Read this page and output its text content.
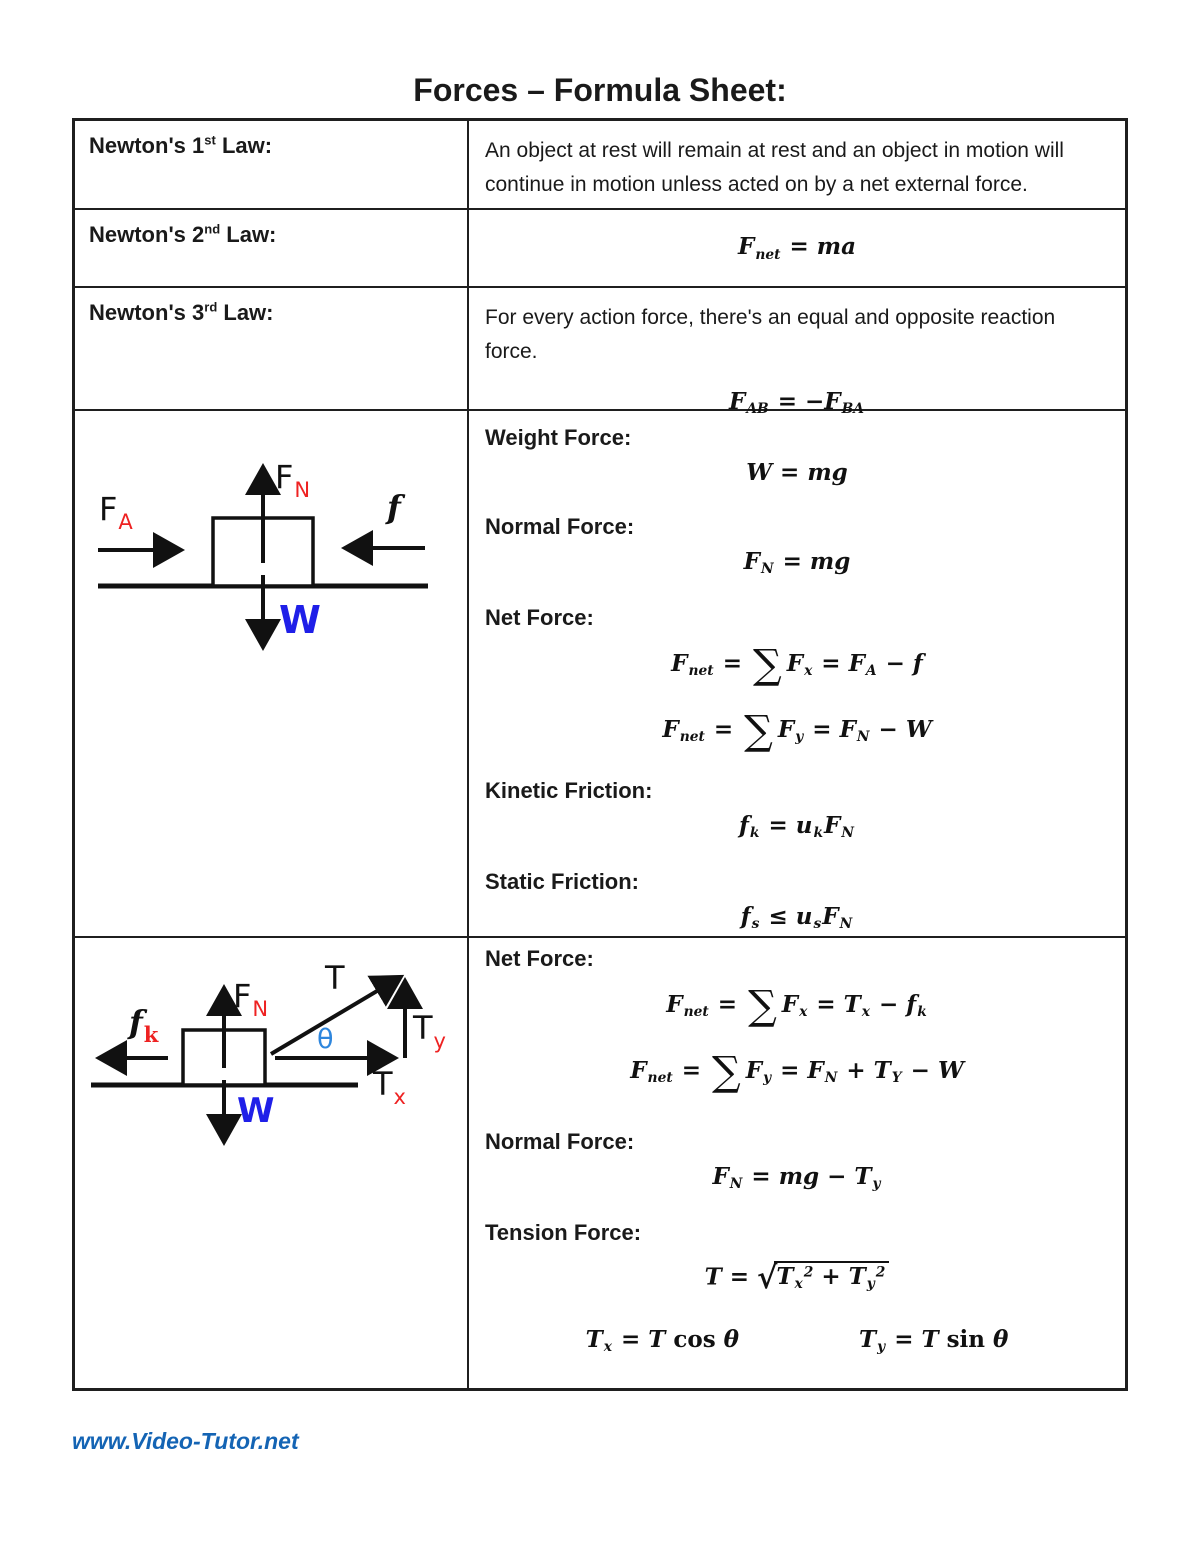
Forces – Formula Sheet:
Newton's 1st Law:	An object at rest will remain at rest and an object in motion will continue in motion unless acted on by a net external force.
Newton's 2nd Law:	$F_{net}$ = ma
Newton's 3rd Law:	For every action force, there's an equal and opposite reaction force.
$F_{AB} = -F_{BA}$
$F_A$
$F_N$ f
W
Weight Force:
W = mg
Normal Force:
$F_N$ = mg
Net Force:
$F_{net}$ = ∑ $F_x = F_A - f$
$F_{net}$ = ∑ $F_y = F_N - W$
Kinetic Friction:
$f_k = u_kF_N$
Static Friction:
$f_s \le u_sF_N$
$f_k$
$F_N$
T
θ
$T_x$
$T_y$
W
Net Force:
$F_{net}$ = ∑ $F_x = T_x - f_k$
$F_{net}$ = ∑ $F_y = F_N + T_Y - W$
Normal Force:
$F_N$ = mg − $T_y$
Tension Force:
$T = √T_x^2 + T_y^2$
$T_x = T$ cos θ	$T_y = T$ sin θ
www.Video-Tutor.net
